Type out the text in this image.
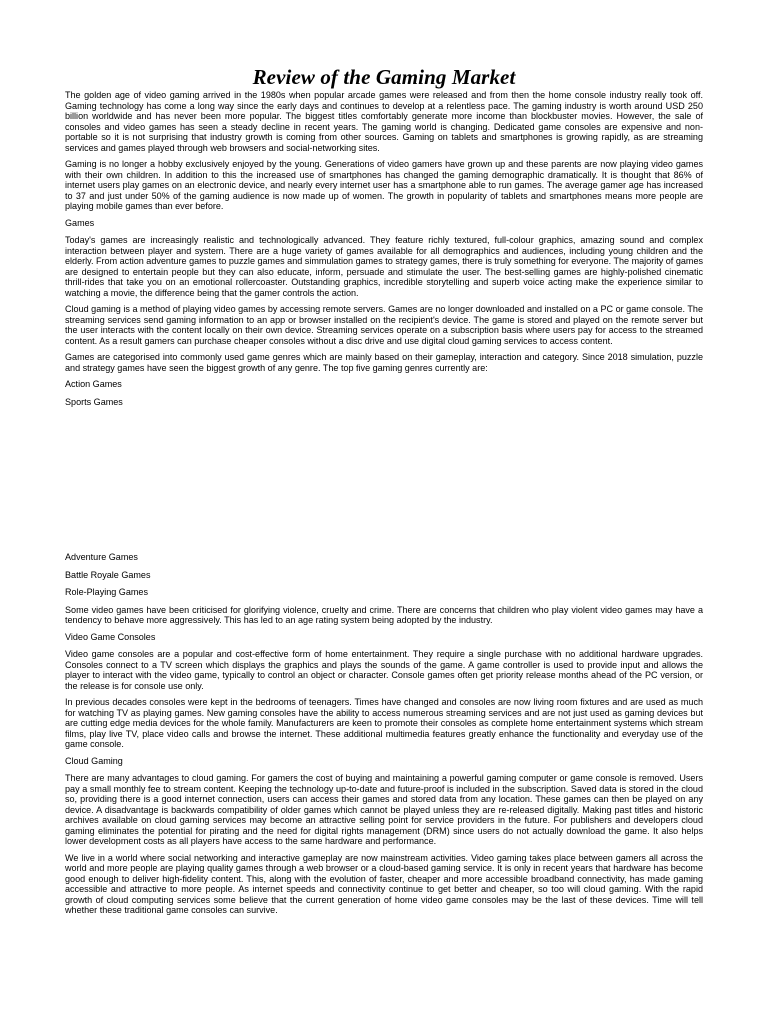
Review of the Gaming Market

The golden age of video gaming arrived in the 1980s when popular arcade games were released and from then the home console industry really took off. Gaming technology has come a long way since the early days and continues to develop at a relentless pace. The gaming industry is worth around USD 250 billion worldwide and has never been more popular. The biggest titles comfortably generate more income than blockbuster movies. However, the sale of consoles and video games has seen a steady decline in recent years. The gaming world is changing. Dedicated game consoles are expensive and non-portable so it is not surprising that industry growth is coming from other sources. Gaming on tablets and smartphones is growing rapidly, as are streaming services and games played through web browsers and social-networking sites.

Gaming is no longer a hobby exclusively enjoyed by the young. Generations of video gamers have grown up and these parents are now playing video games with their own children. In addition to this the increased use of smartphones has changed the gaming demographic dramatically. It is thought that 86% of internet users play games on an electronic device, and nearly every internet user has a smartphone able to run games. The average gamer age has increased to 37 and just under 50% of the gaming audience is now made up of women. The growth in popularity of tablets and smartphones means more people are playing mobile games than ever before.

Games

Today's games are increasingly realistic and technologically advanced. They feature richly textured, full-colour graphics, amazing sound and complex interaction between player and system. There are a huge variety of games available for all demographics and audiences, including young children and the elderly. From action adventure games to puzzle games and simmulation games to strategy games, there is truly something for everyone. The majority of games are designed to entertain people but they can also educate, inform, persuade and stimulate the user. The best-selling games are highly-polished cinematic thrill-rides that take you on an emotional rollercoaster. Outstanding graphics, incredible storytelling and superb voice acting make the experience similar to watching a movie, the difference being that the gamer controls the action.

Cloud gaming is a method of playing video games by accessing remote servers. Games are no longer downloaded and installed on a PC or game console. The streaming services send gaming information to an app or browser installed on the recipient's device. The game is stored and played on the remote server but the user interacts with the content locally on their own device. Streaming services operate on a subscription basis where users pay for access to the streamed content. As a result gamers can purchase cheaper consoles without a disc drive and use digital cloud gaming services to access content.

Games are categorised into commonly used game genres which are mainly based on their gameplay, interaction and category. Since 2018 simulation, puzzle and strategy games have seen the biggest growth of any genre. The top five gaming genres currently are:

Action Games
Sports Games
Adventure Games
Battle Royale Games
Role-Playing Games

Some video games have been criticised for glorifying violence, cruelty and crime. There are concerns that children who play violent video games may have a tendency to behave more aggressively. This has led to an age rating system being adopted by the industry.

Video Game Consoles

Video game consoles are a popular and cost-effective form of home entertainment. They require a single purchase with no additional hardware upgrades. Consoles connect to a TV screen which displays the graphics and plays the sounds of the game. A game controller is used to provide input and allows the player to interact with the video game, typically to control an object or character. Console games often get priority release months ahead of the PC version, or the release is for console use only.

In previous decades consoles were kept in the bedrooms of teenagers. Times have changed and consoles are now living room fixtures and are used as much for watching TV as playing games. New gaming consoles have the ability to access numerous streaming services and are not just used as gaming devices but are cutting edge media devices for the whole family. Manufacturers are keen to promote their consoles as complete home entertainment systems which stream films, play live TV, place video calls and browse the internet. These additional multimedia features greatly enhance the functionality and everyday use of the game console.

Cloud Gaming

There are many advantages to cloud gaming. For gamers the cost of buying and maintaining a powerful gaming computer or game console is removed. Users pay a small monthly fee to stream content. Keeping the technology up-to-date and future-proof is included in the subscription. Saved data is stored in the cloud so, providing there is a good internet connection, users can access their games and stored data from any location. These games can then be played on any device. A disadvantage is backwards compatibility of older games which cannot be played unless they are re-released digitally. Making past titles and historic archives available on cloud gaming services may become an attractive selling point for service providers in the future. For publishers and developers cloud gaming eliminates the potential for pirating and the need for digital rights management (DRM) since users do not actually download the game. It also helps lower development costs as all players have access to the same hardware and performance.

We live in a world where social networking and interactive gameplay are now mainstream activities. Video gaming takes place between gamers all across the world and more people are playing quality games through a web browser or a cloud-based gaming service. It is only in recent years that hardware has become good enough to deliver high-fidelity content. This, along with the evolution of faster, cheaper and more accessible broadband connectivity, has made gaming accessible and attractive to more people. As internet speeds and connectivity continue to get better and cheaper, so too will cloud gaming. With the rapid growth of cloud computing services some believe that the current generation of home video game consoles may be the last of these devices. Time will tell whether these traditional game consoles can survive.
